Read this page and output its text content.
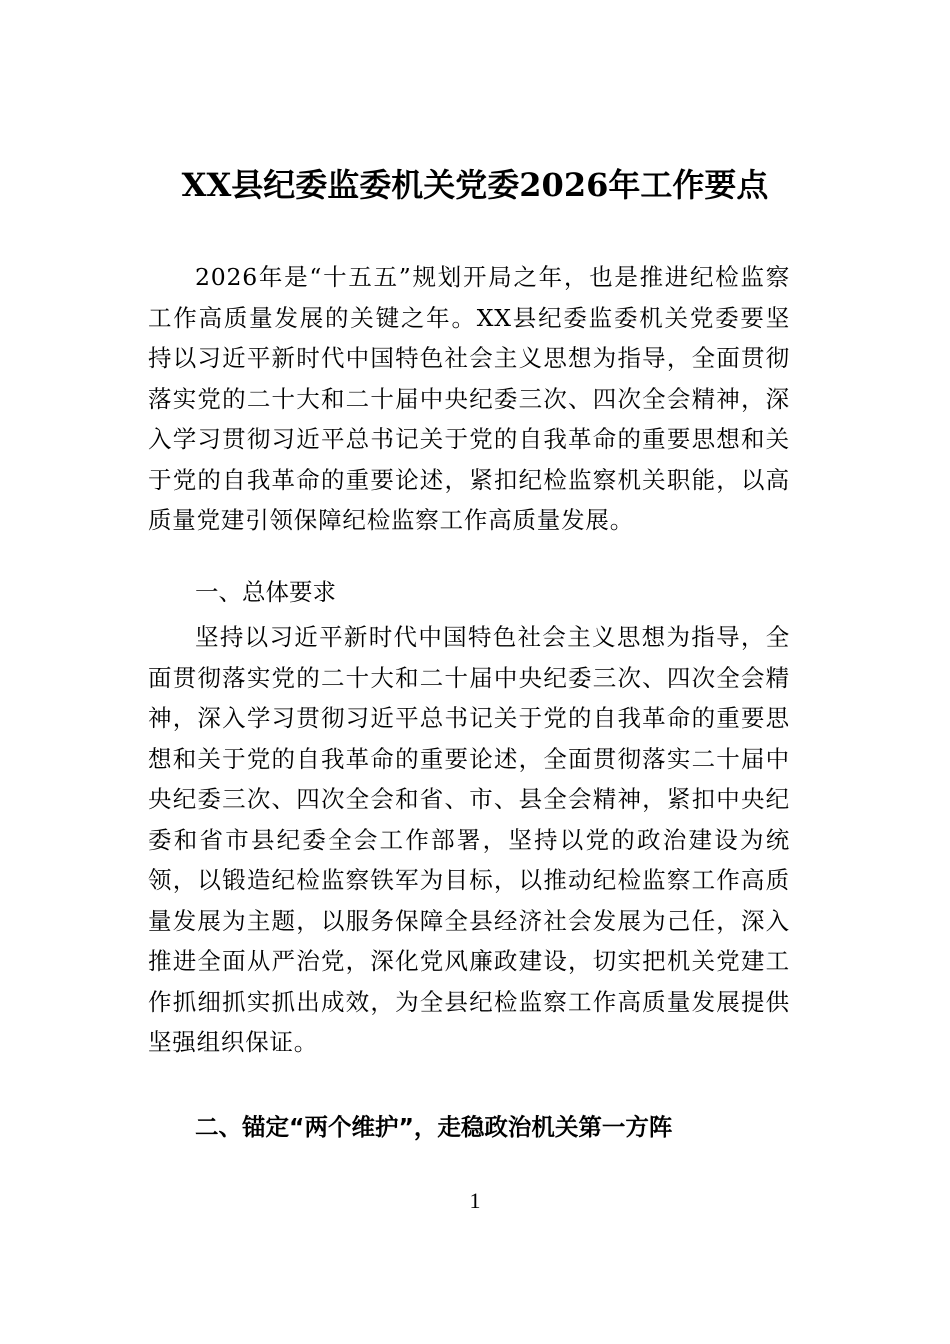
XX县纪委监委机关党委2026年工作要点

2026年是“十五五”规划开局之年，也是推进纪检监察工作高质量发展的关键之年。XX县纪委监委机关党委要坚持以习近平新时代中国特色社会主义思想为指导，全面贯彻落实党的二十大和二十届中央纪委三次、四次全会精神，深入学习贯彻习近平总书记关于党的自我革命的重要思想和关于党的自我革命的重要论述，紧扣纪检监察机关职能，以高质量党建引领保障纪检监察工作高质量发展。

一、总体要求

坚持以习近平新时代中国特色社会主义思想为指导，全面贯彻落实党的二十大和二十届中央纪委三次、四次全会精神，深入学习贯彻习近平总书记关于党的自我革命的重要思想和关于党的自我革命的重要论述，全面贯彻落实二十届中央纪委三次、四次全会和省、市、县全会精神，紧扣中央纪委和省市县纪委全会工作部署，坚持以党的政治建设为统领，以锻造纪检监察铁军为目标，以推动纪检监察工作高质量发展为主题，以服务保障全县经济社会发展为己任，深入推进全面从严治党，深化党风廉政建设，切实把机关党建工作抓细抓实抓出成效，为全县纪检监察工作高质量发展提供坚强组织保证。

二、锚定“两个维护”，走稳政治机关第一方阵

1
